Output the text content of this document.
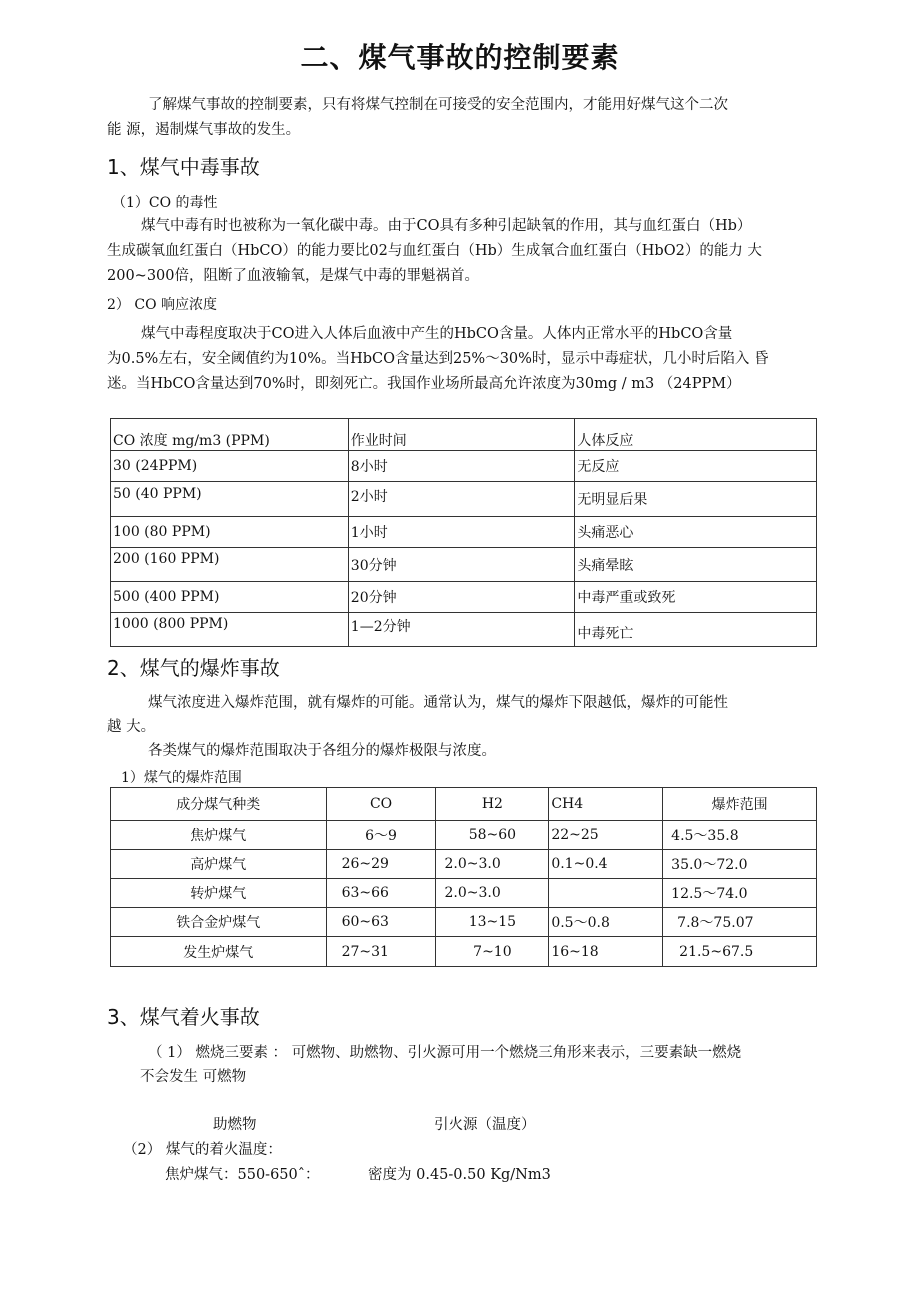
二、煤气事故的控制要素
了解煤气事故的控制要素，只有将煤气控制在可接受的安全范围内，才能用好煤气这个二次
能 源，遏制煤气事故的发生。
1、煤气中毒事故
（1）CO 的毒性
煤气中毒有时也被称为一氧化碳中毒。由于CO具有多种引起缺氧的作用，其与血红蛋白（Hb）
生成碳氧血红蛋白（HbCO）的能力要比02与血红蛋白（Hb）生成氧合血红蛋白（HbO2）的能力 大
200~300倍，阻断了血液输氧，是煤气中毒的罪魁祸首。
2） CO 响应浓度
煤气中毒程度取决于CO进入人体后血液中产生的HbCO含量。人体内正常水平的HbCO含量
为0.5%左右，安全阈值约为10%。当HbCO含量达到25%〜30%时，显示中毒症状，几小时后陷入 昏
迷。当HbCO含量达到70%时，即刻死亡。我国作业场所最高允许浓度为30mg / m3 （24PPM）
CO 浓度 mg/m3 (PPM)	作业时间	人体反应
30 (24PPM)	8小时	无反应
50 (40 PPM)	2小时	无明显后果
100 (80 PPM)	1小时	头痛恶心
200 (160 PPM)	30分钟	头痛晕眩
500 (400 PPM)	20分钟	中毒严重或致死
1000 (800 PPM)	1—2分钟	中毒死亡
2、煤气的爆炸事故
煤气浓度进入爆炸范围，就有爆炸的可能。通常认为，煤气的爆炸下限越低，爆炸的可能性
越 大。
各类煤气的爆炸范围取决于各组分的爆炸极限与浓度。
1）煤气的爆炸范围
成分煤气种类	CO	H2	CH4	爆炸范围
焦炉煤气	6〜9	58~60	22~25	4.5〜35.8
高炉煤气	26~29	2.0~3.0	0.1~0.4	35.0〜72.0
转炉煤气	63~66	2.0~3.0		12.5〜74.0
铁合金炉煤气	60~63	13~15	0.5〜0.8	7.8〜75.07
发生炉煤气	27~31	7~10	16~18	21.5~67.5
3、煤气着火事故
（ 1） 燃烧三要素 ： 可燃物、助燃物、引火源可用一个燃烧三角形来表示，三要素缺一燃烧
不会发生 可燃物
助燃物	引火源（温度）
（2） 煤气的着火温度：
焦炉煤气：550-650ˆ：	密度为 0.45-0.50 Kg/Nm3
